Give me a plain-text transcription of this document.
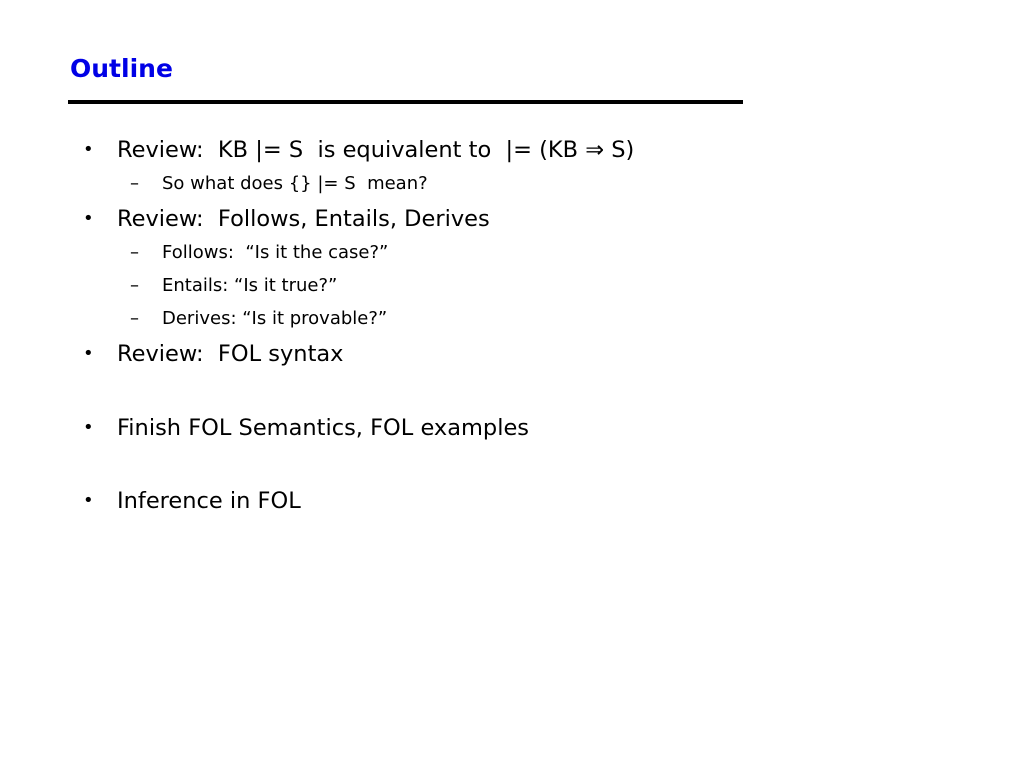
Outline

•

Review:  KB |= S  is equivalent to  |= (KB ⇒ S)

–

So what does {} |= S  mean?

•

Review:  Follows, Entails, Derives

–

Follows:  “Is it the case?”

–

Entails: “Is it true?”

–

Derives: “Is it provable?”

•

Review:  FOL syntax

•

Finish FOL Semantics, FOL examples

•

Inference in FOL
